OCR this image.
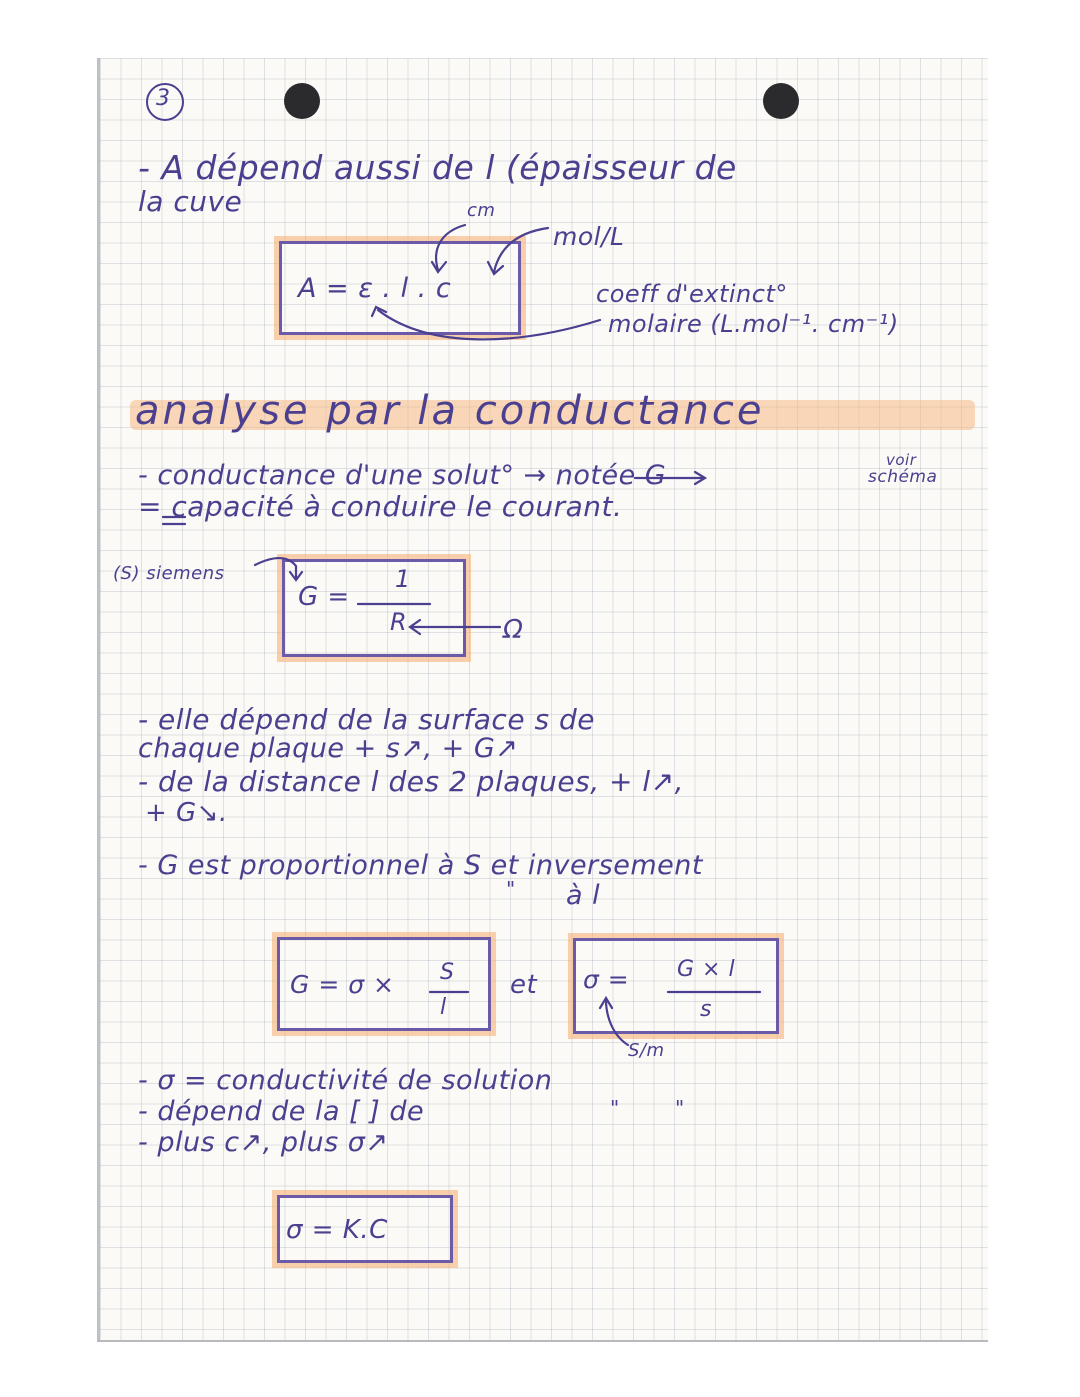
3
- A dépend aussi de l (épaisseur de
la cuve	cm
mol/L
A = ε . l . c	coeff d'extinct°
molaire (L.mol⁻¹. cm⁻¹)
analyse par la conductance
voir
schéma
- conductance d'une solut° → notée G
= capacité à conduire le courant.
(S) siemens
G =
1
R	Ω
- elle dépend de la surface s de
chaque plaque + s↗, + G↗
- de la distance l des 2 plaques, + l↗,
+ G↘.
- G est proportionnel à S et inversement
" à l
G = σ × S
l
et σ = G × l
s
S/m
- σ = conductivité de solution
"	"
- dépend de la [ ] de
- plus c↗, plus σ↗
σ = K.C
